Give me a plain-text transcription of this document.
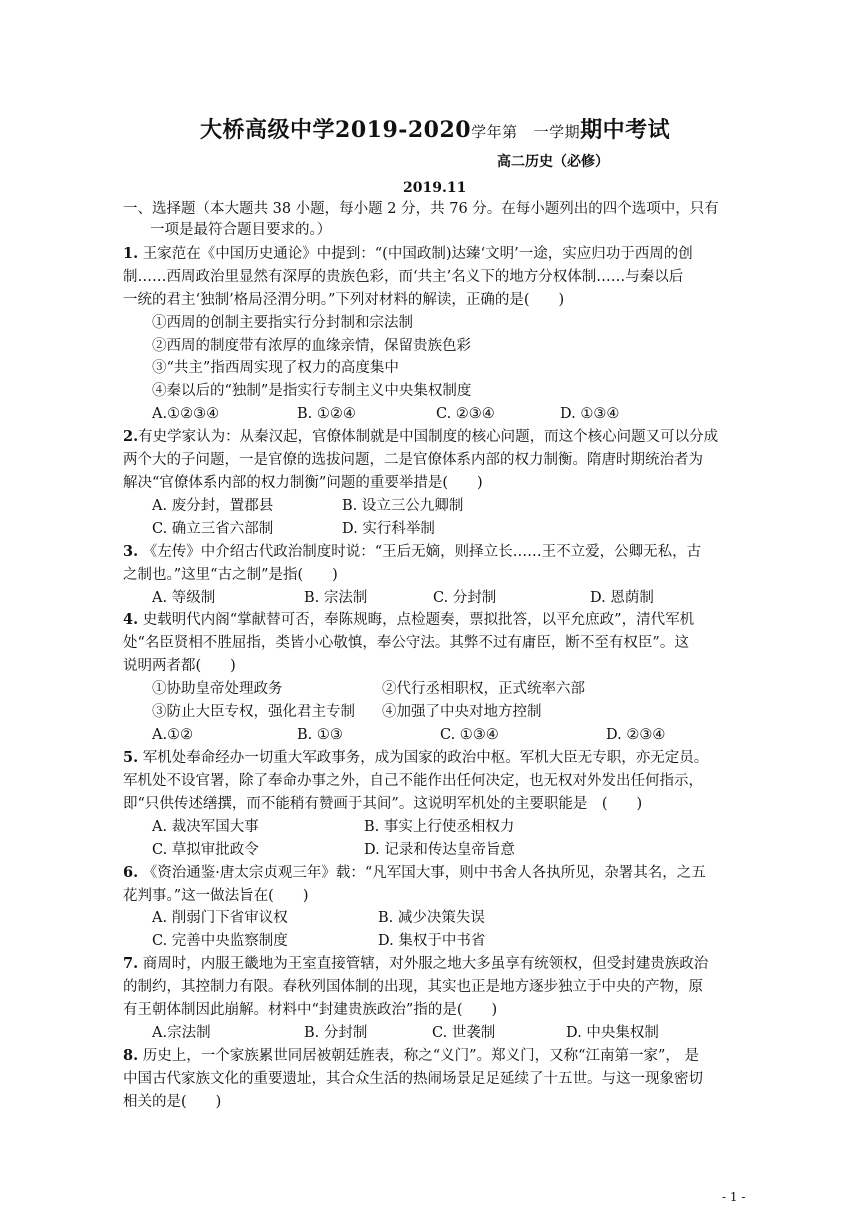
大桥高级中学2019-2020学年第 一学期期中考试
高二历史（必修）
2019.11
一、选择题（本大题共 38 小题，每小题 2 分，共 76 分。在每小题列出的四个选项中，只有
一项是最符合题目要求的。）
1. 王家范在《中国历史通论》中提到：“(中国政制)达臻‘文明’一途，实应归功于西周的创
制……西周政治里显然有深厚的贵族色彩，而‘共主’名义下的地方分权体制……与秦以后
一统的君主‘独制’格局泾渭分明。”下列对材料的解读，正确的是(　　)
①西周的创制主要指实行分封制和宗法制
②西周的制度带有浓厚的血缘亲情，保留贵族色彩
③“共主”指西周实现了权力的高度集中
④秦以后的“独制”是指实行专制主义中央集权制度
A.①②③④	B. ①②④	C. ②③④	D. ①③④
2.有史学家认为：从秦汉起，官僚体制就是中国制度的核心问题，而这个核心问题又可以分成
两个大的子问题，一是官僚的选拔问题，二是官僚体系内部的权力制衡。隋唐时期统治者为
解决“官僚体系内部的权力制衡”问题的重要举措是(　　)
A. 废分封，置郡县	B. 设立三公九卿制
C. 确立三省六部制	D. 实行科举制
3. 《左传》中介绍古代政治制度时说：“王后无嫡，则择立长……王不立爱，公卿无私，古
之制也。”这里“古之制”是指(　　)
A. 等级制	B. 宗法制	C. 分封制	D. 恩荫制
4. 史载明代内阁“掌献替可否，奉陈规晦，点检题奏，票拟批答，以平允庶政”，清代军机
处“名臣贤相不胜屈指，类皆小心敬慎，奉公守法。其弊不过有庸臣，断不至有权臣”。这
说明两者都(　　)
①协助皇帝处理政务	②代行丞相职权，正式统率六部
③防止大臣专权，强化君主专制 ④加强了中央对地方控制
A.①②	B. ①③	C. ①③④	D. ②③④
5. 军机处奉命经办一切重大军政事务，成为国家的政治中枢。军机大臣无专职，亦无定员。
军机处不设官署，除了奉命办事之外，自己不能作出任何决定，也无权对外发出任何指示，
即“只供传述缮撰，而不能稍有赞画于其间”。这说明军机处的主要职能是　(　　)
A. 裁决军国大事	B. 事实上行使丞相权力
C. 草拟审批政令	D. 记录和传达皇帝旨意
6. 《资治通鉴·唐太宗贞观三年》载：“凡军国大事，则中书舍人各执所见，杂署其名，之五
花判事。”这一做法旨在(　　)
A. 削弱门下省审议权	B. 减少决策失误
C. 完善中央监察制度	D. 集权于中书省
7. 商周时，内服王畿地为王室直接管辖，对外服之地大多虽享有统领权，但受封建贵族政治
的制约，其控制力有限。春秋列国体制的出现，其实也正是地方逐步独立于中央的产物，原
有王朝体制因此崩解。材料中“封建贵族政治”指的是(　　)
A.宗法制	B. 分封制	C. 世袭制	D. 中央集权制
8. 历史上，一个家族累世同居被朝廷旌表，称之“义门”。郑义门，又称“江南第一家”， 是
中国古代家族文化的重要遗址，其合众生活的热闹场景足足延续了十五世。与这一现象密切
相关的是(　　)
- 1 -
